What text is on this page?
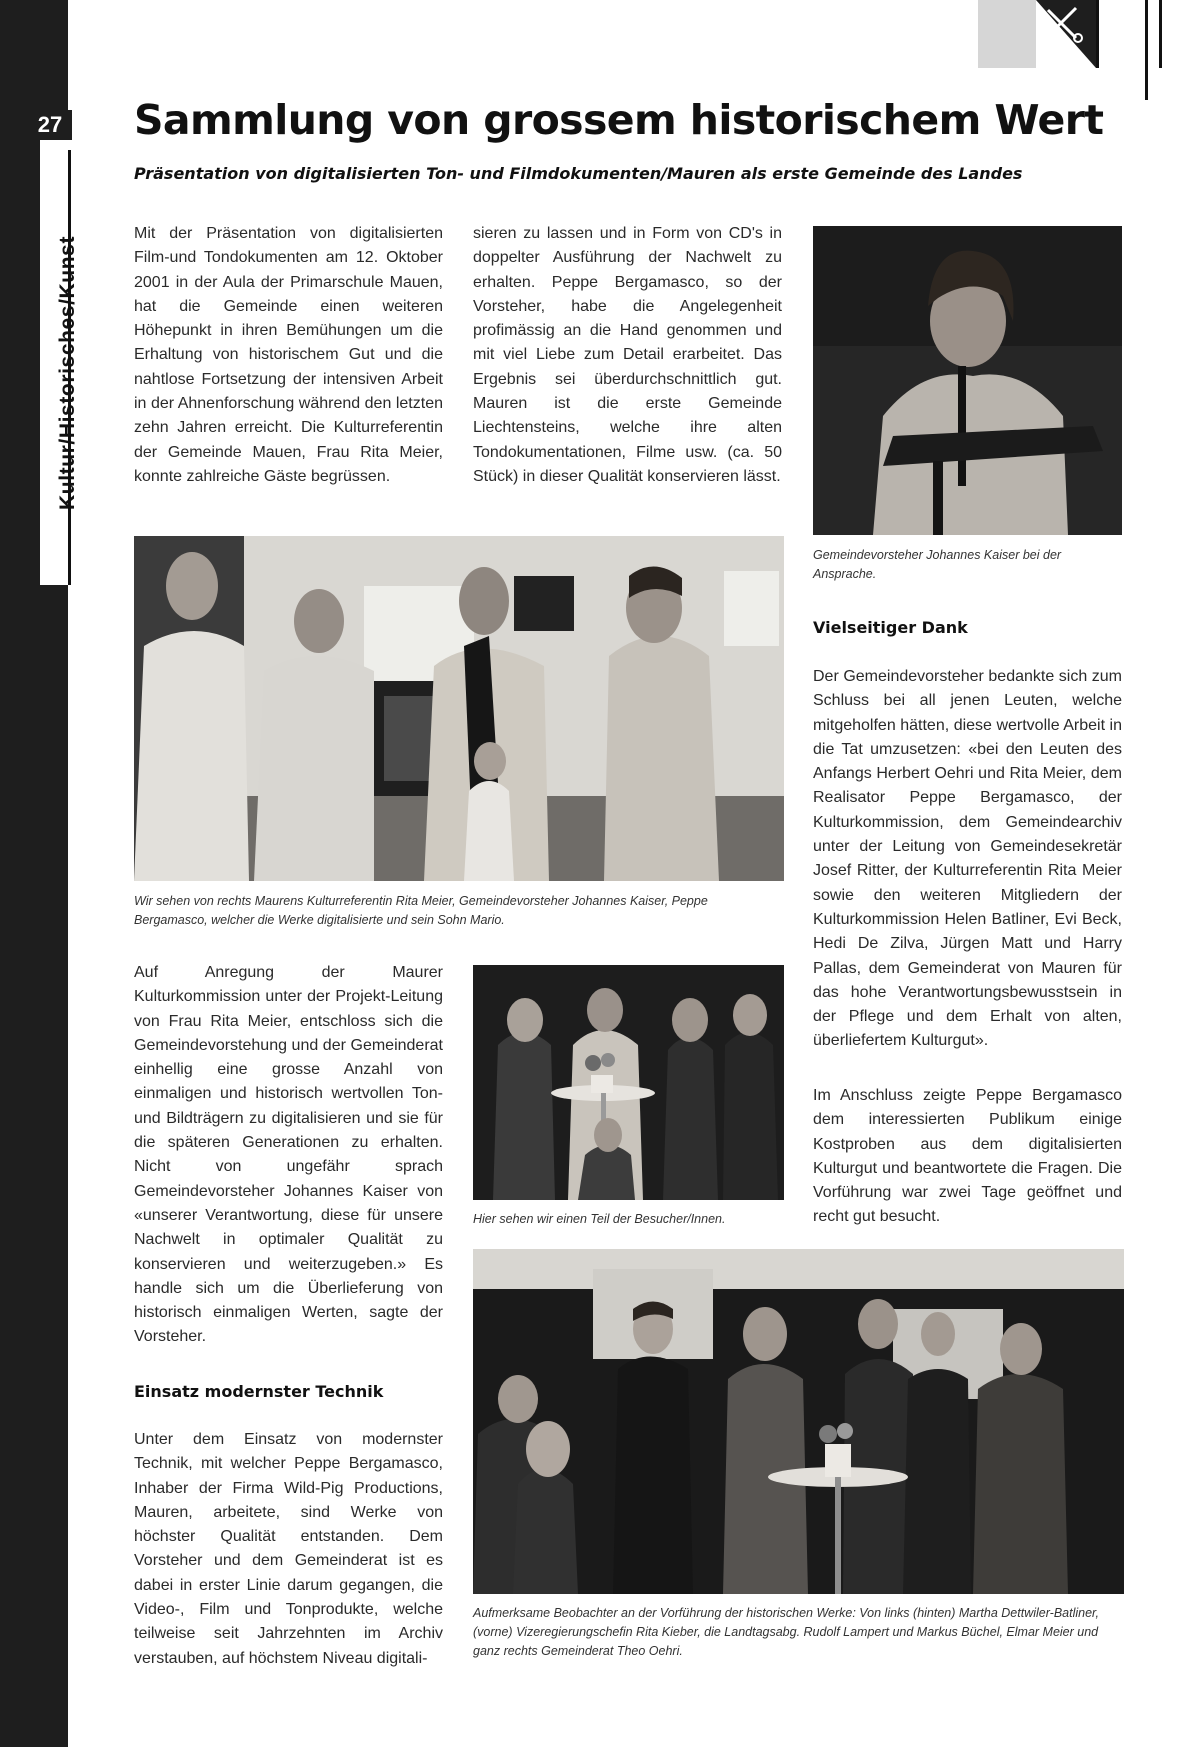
27
Kultur/Historisches/Kunst
Sammlung von grossem historischem Wert
Präsentation von digitalisierten Ton- und Filmdokumenten/Mauren als erste Gemeinde des Landes

Mit der Präsentation von digitalisierten Film-und Tondokumenten am 12. Oktober 2001 in der Aula der Primarschule Mauen, hat die Gemeinde einen weiteren Höhepunkt in ihren Bemühungen um die Erhaltung von historischem Gut und die nahtlose Fortsetzung der intensiven Arbeit in der Ahnenforschung während den letzten zehn Jahren erreicht. Die Kulturreferentin der Gemeinde Mauen, Frau Rita Meier, konnte zahlreiche Gäste begrüssen.

sieren zu lassen und in Form von CD's in doppelter Ausführung der Nachwelt zu erhalten. Peppe Bergamasco, so der Vorsteher, habe die Angelegenheit profimässig an die Hand genommen und mit viel Liebe zum Detail erarbeitet. Das Ergebnis sei überdurchschnittlich gut. Mauren ist die erste Gemeinde Liechtensteins, welche ihre alten Tondokumentationen, Filme usw. (ca. 50 Stück) in dieser Qualität konservieren lässt.

Gemeindevorsteher Johannes Kaiser bei der Ansprache.

Wir sehen von rechts Maurens Kulturreferentin Rita Meier, Gemeindevorsteher Johannes Kaiser, Peppe Bergamasco, welcher die Werke digitalisierte und sein Sohn Mario.

Auf Anregung der Maurer Kulturkommission unter der Projekt-Leitung von Frau Rita Meier, entschloss sich die Gemeindevorstehung und der Gemeinderat einhellig eine grosse Anzahl von einmaligen und historisch wertvollen Ton- und Bildträgern zu digitalisieren und sie für die späteren Generationen zu erhalten. Nicht von ungefähr sprach Gemeindevorsteher Johannes Kaiser von «unserer Verantwortung, diese für unsere Nachwelt in optimaler Qualität zu konservieren und weiterzugeben.» Es handle sich um die Überlieferung von historisch einmaligen Werten, sagte der Vorsteher.

Hier sehen wir einen Teil der Besucher/Innen.

Vielseitiger Dank

Der Gemeindevorsteher bedankte sich zum Schluss bei all jenen Leuten, welche mitgeholfen hätten, diese wertvolle Arbeit in die Tat umzusetzen: «bei den Leuten des Anfangs Herbert Oehri und Rita Meier, dem Realisator Peppe Bergamasco, der Kulturkommission, dem Gemeindearchiv unter der Leitung von Gemeindesekretär Josef Ritter, der Kulturreferentin Rita Meier sowie den weiteren Mitgliedern der Kulturkommission Helen Batliner, Evi Beck, Hedi De Zilva, Jürgen Matt und Harry Pallas, dem Gemeinderat von Mauren für das hohe Verantwortungsbewusstsein in der Pflege und dem Erhalt von alten, überliefertem Kulturgut».

Im Anschluss zeigte Peppe Bergamasco dem interessierten Publikum einige Kostproben aus dem digitalisierten Kulturgut und beantwortete die Fragen. Die Vorführung war zwei Tage geöffnet und recht gut besucht.

Aufmerksame Beobachter an der Vorführung der historischen Werke: Von links (hinten) Martha Dettwiler-Batliner, (vorne) Vizeregierungschefin Rita Kieber, die Landtagsabg. Rudolf Lampert und Markus Büchel, Elmar Meier und ganz rechts Gemeinderat Theo Oehri.

Einsatz modernster Technik

Unter dem Einsatz von modernster Technik, mit welcher Peppe Bergamasco, Inhaber der Firma Wild-Pig Productions, Mauren, arbeitete, sind Werke von höchster Qualität entstanden. Dem Vorsteher und dem Gemeinderat ist es dabei in erster Linie darum gegangen, die Video-, Film und Tonprodukte, welche teilweise seit Jahrzehnten im Archiv verstauben, auf höchstem Niveau digitali-
